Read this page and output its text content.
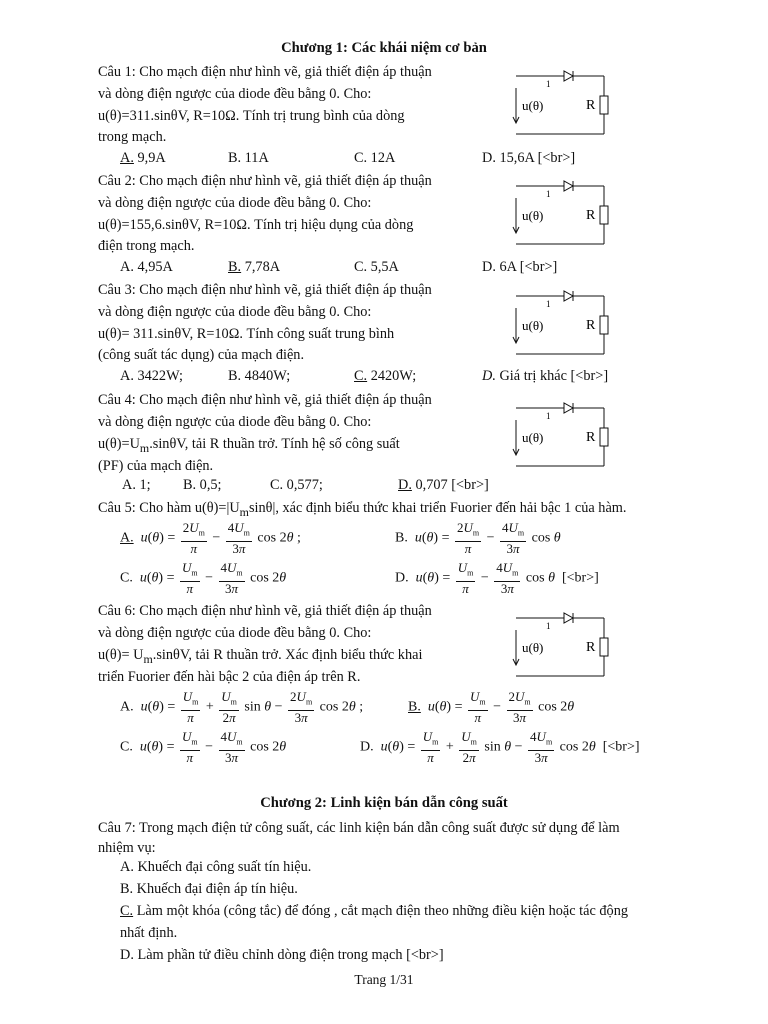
Chương 1: Các khái niệm cơ bản
Câu 1: Cho mạch điện như hình vẽ, giả thiết điện áp thuận
và dòng điện ngược của diode đều bằng 0. Cho:
u(θ)=311.sinθV, R=10Ω. Tính trị trung bình của dòng
trong mạch.
A. 9,9A	B. 11A	C. 12A	D. 15,6A [<br>]
1
u(θ)	R
Câu 2: Cho mạch điện như hình vẽ, giả thiết điện áp thuận
và dòng điện ngược của diode đều bằng 0. Cho:
u(θ)=155,6.sinθV, R=10Ω. Tính trị hiệu dụng của dòng
điện trong mạch.
A. 4,95A	B. 7,78A	C. 5,5A	D. 6A [<br>]
1
u(θ)	R
Câu 3: Cho mạch điện như hình vẽ, giả thiết điện áp thuận
và dòng điện ngược của diode đều bằng 0. Cho:
u(θ)= 311.sinθV, R=10Ω. Tính công suất trung bình
(công suất tác dụng) của mạch điện.
A. 3422W;	B. 4840W;	C. 2420W;	D. Giá trị khác [<br>]
1
u(θ)	R
Câu 4: Cho mạch điện như hình vẽ, giả thiết điện áp thuận
và dòng điện ngược của diode đều bằng 0. Cho:
$u(\theta)=U_m.\sin\theta V$, tải R thuần trở. Tính hệ số công suất
(PF) của mạch điện.
A. 1; B. 0,5;	C. 0,577;	D. 0,707 [<br>]
1
u(θ)	R
Câu 5: Cho hàm $u(\theta)=|U_m\sin\theta|$, xác định biểu thức khai triển Fuorier đến hải bậc 1 của hàm.
A. $u(\theta) = \frac{2U_m}{\pi} - \frac{4U_m}{3\pi}$ cos 2θ ;	B. $u(\theta) = \frac{2U_m}{\pi} - \frac{4U_m}{3\pi}$ cos θ
C. $u(\theta) = \frac{U_m}{\pi} - \frac{4U_m}{3\pi}$ cos 2θ	D. $u(\theta) = \frac{U_m}{\pi} - \frac{4U_m}{3\pi}$ cos θ [<br>]
Câu 6: Cho mạch điện như hình vẽ, giả thiết điện áp thuận
và dòng điện ngược của diode đều bằng 0. Cho:
$u(\theta)= U_m.\sin\theta V$, tải R thuần trở. Xác định biểu thức khai
triển Fuorier đến hài bậc 2 của điện áp trên R.
1
u(θ)	R
A. $u(\theta) = \frac{U_m}{\pi} + \frac{U_m}{2\pi}$ $\sin \theta - \frac{2U_m}{3\pi}$ cos 2θ ;	B. $u(\theta) = \frac{U_m}{\pi} - \frac{2U_m}{3\pi}$ cos 2θ
C. $u(\theta) = \frac{U_m}{\pi} - \frac{4U_m}{3\pi}$ cos 2θ	D. $u(\theta) = \frac{U_m}{\pi} + \frac{U_m}{2\pi}$ $\sin \theta - \frac{4U_m}{3\pi}$ cos 2θ [<br>]
Chương 2: Linh kiện bán dẫn công suất
Câu 7: Trong mạch điện tử công suất, các linh kiện bán dẫn công suất được sử dụng để làm
nhiệm vụ:
A. Khuếch đại công suất tín hiệu.
B. Khuếch đại điện áp tín hiệu.
C. Làm một khóa (công tắc) để đóng , cắt mạch điện theo những điều kiện hoặc tác động
nhất định.
D. Làm phần tử điều chỉnh dòng điện trong mạch [<br>]
Trang 1/31
